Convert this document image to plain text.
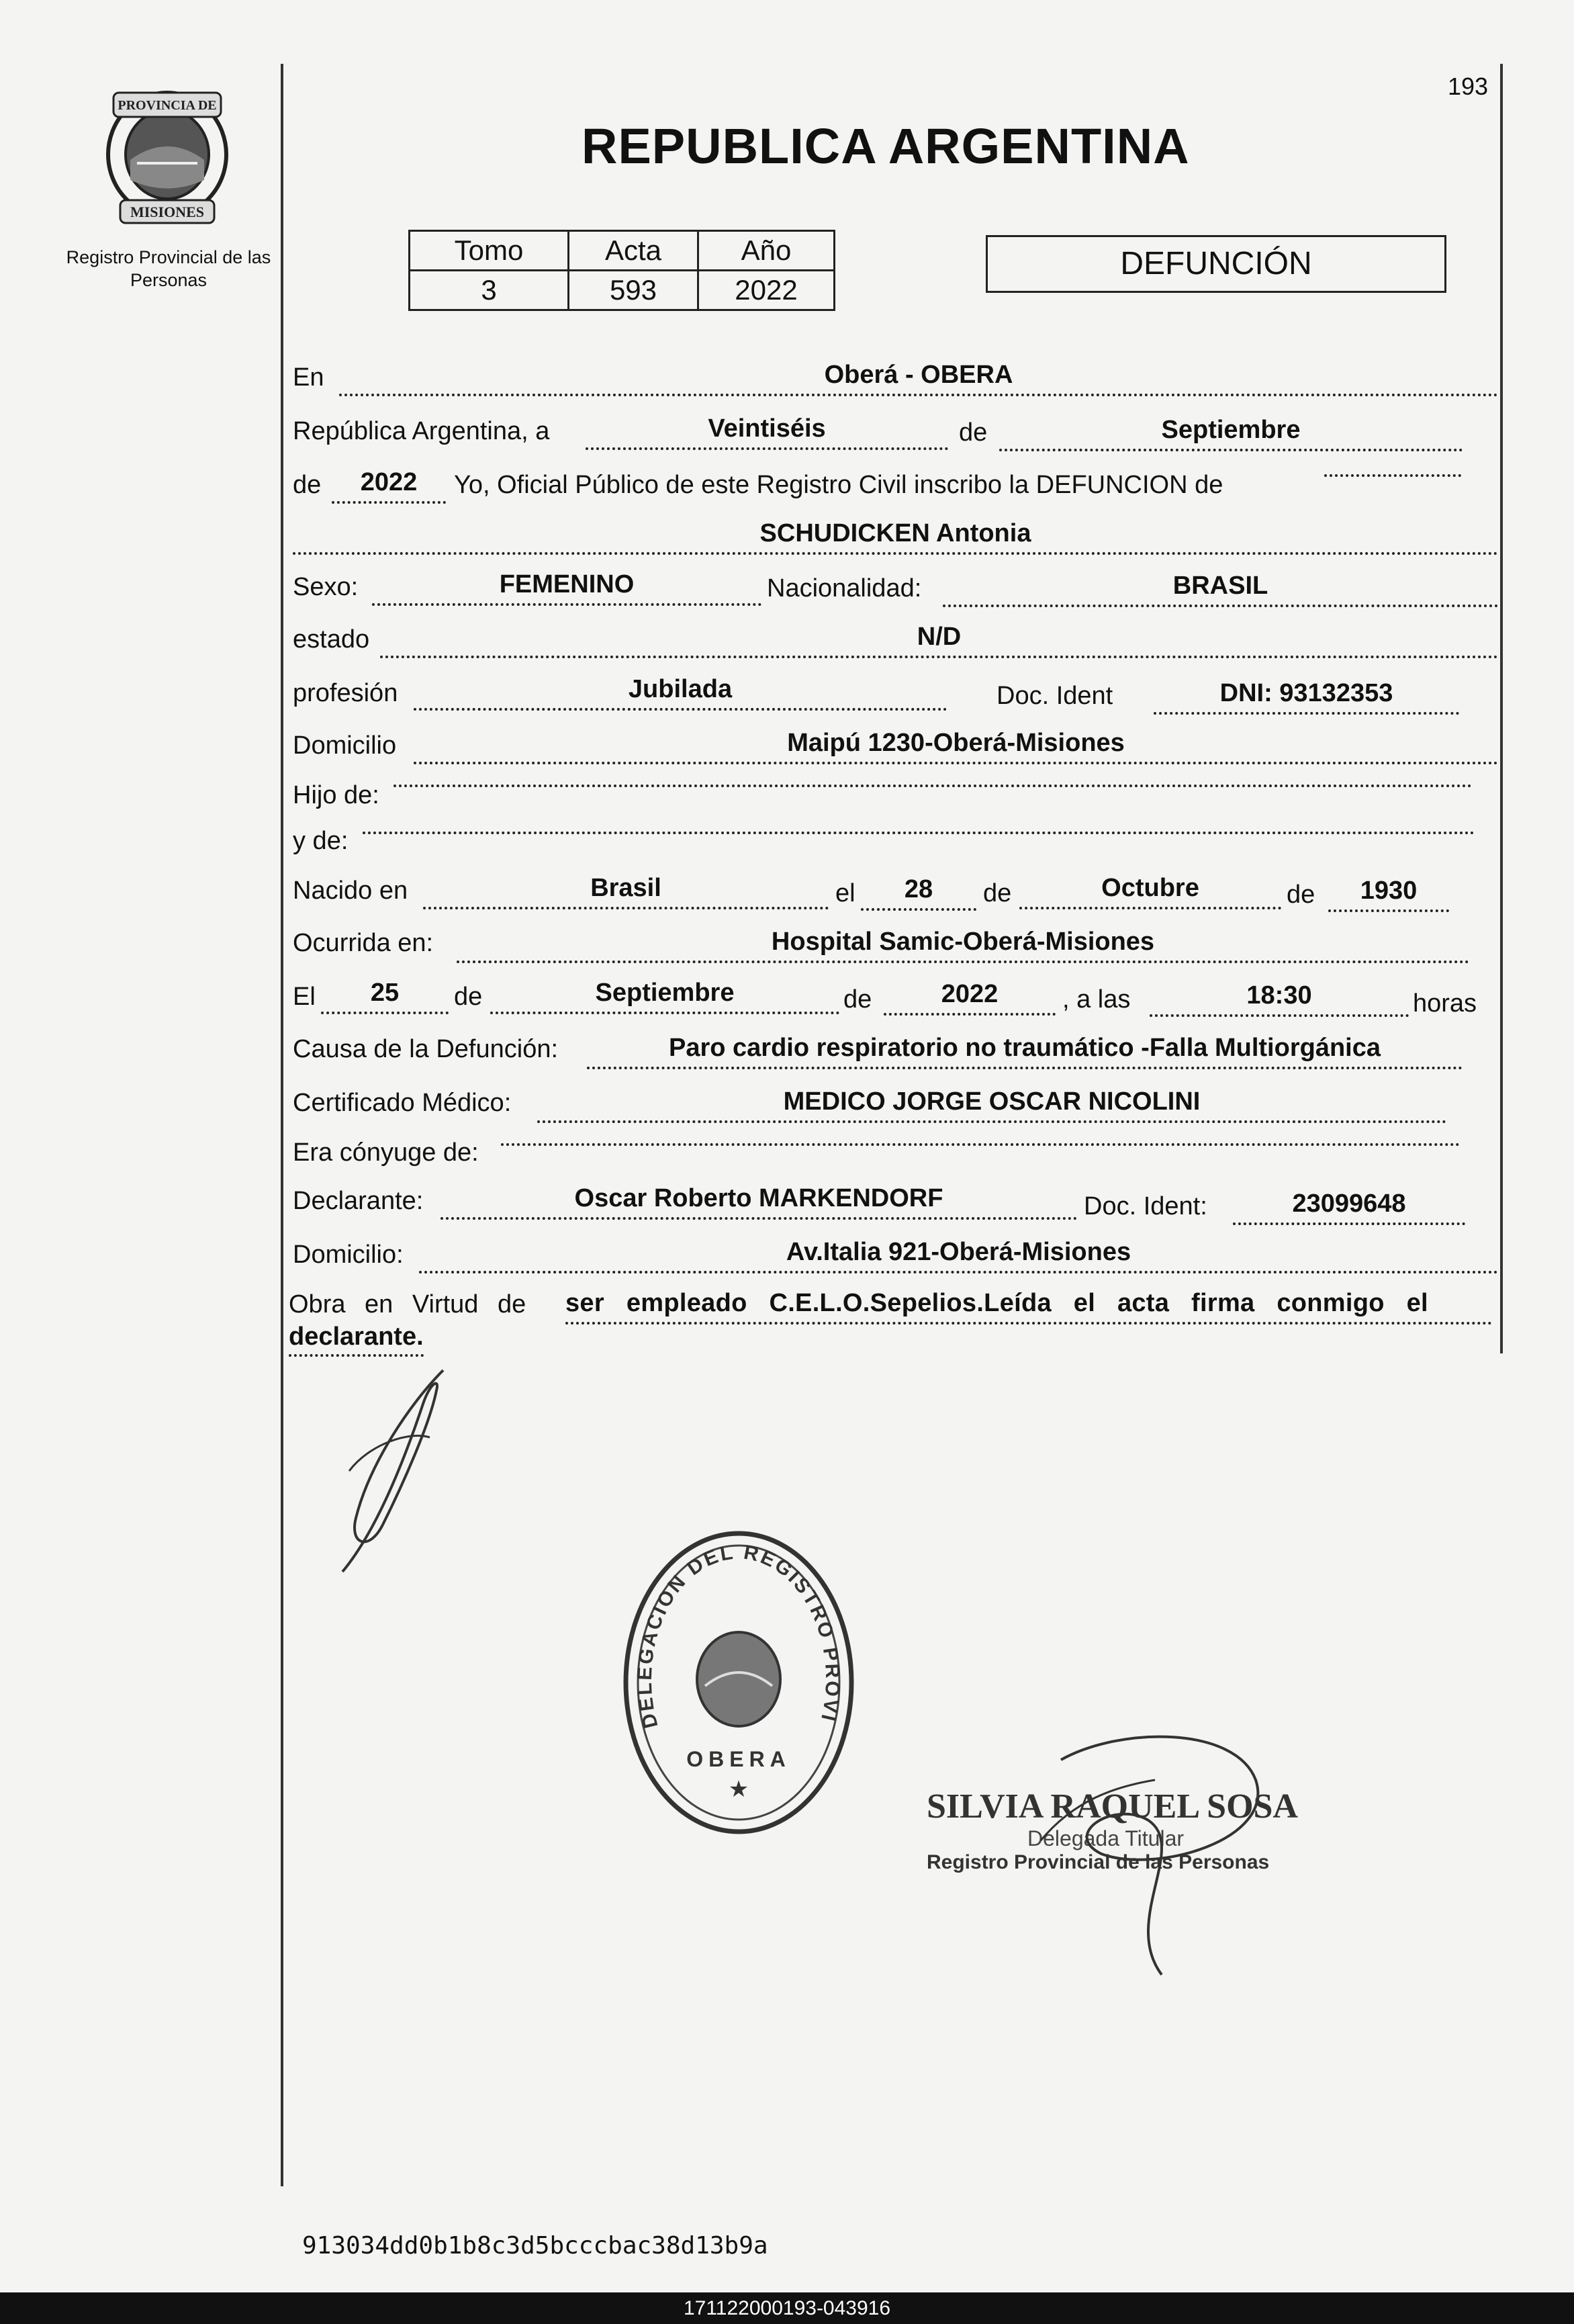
PROVINCIA DE
MISIONES
Registro Provincial de las Personas
193
REPUBLICA ARGENTINA
Tomo	Acta	Año
3	593	2022
DEFUNCIÓN
En	Oberá - OBERA
República Argentina, a	Veintiséis	de	Septiembre
de	2022	Yo, Oficial Público de este Registro Civil inscribo la DEFUNCION de
SCHUDICKEN Antonia
Sexo:	FEMENINO	Nacionalidad:	BRASIL
estado	N/D
profesión	Jubilada	Doc. Ident	DNI: 93132353
Domicilio	Maipú 1230-Oberá-Misiones
Hijo de:
y de:
Nacido en	Brasil	el	28	de	Octubre	de	1930
Ocurrida en:	Hospital Samic-Oberá-Misiones
El	25	de	Septiembre	de	2022	, a las	18:30	horas
Causa de la Defunción:	Paro cardio respiratorio no traumático -Falla Multiorgánica
Certificado Médico:	MEDICO JORGE OSCAR NICOLINI
Era cónyuge de:
Declarante:	Oscar Roberto MARKENDORF	Doc. Ident:	23099648
Domicilio:	Av.Italia 921-Oberá-Misiones
Obra en Virtud de ser empleado C.E.L.O.Sepelios.Leída el acta firma conmigo el
declarante.
DELEGACION DEL REGISTRO PROVI
OBERA
★	SILVIA RAQUEL SOSA
Delegada Titular
Registro Provincial de las Personas
913034dd0b1b8c3d5bcccbac38d13b9a
171122000193-043916
